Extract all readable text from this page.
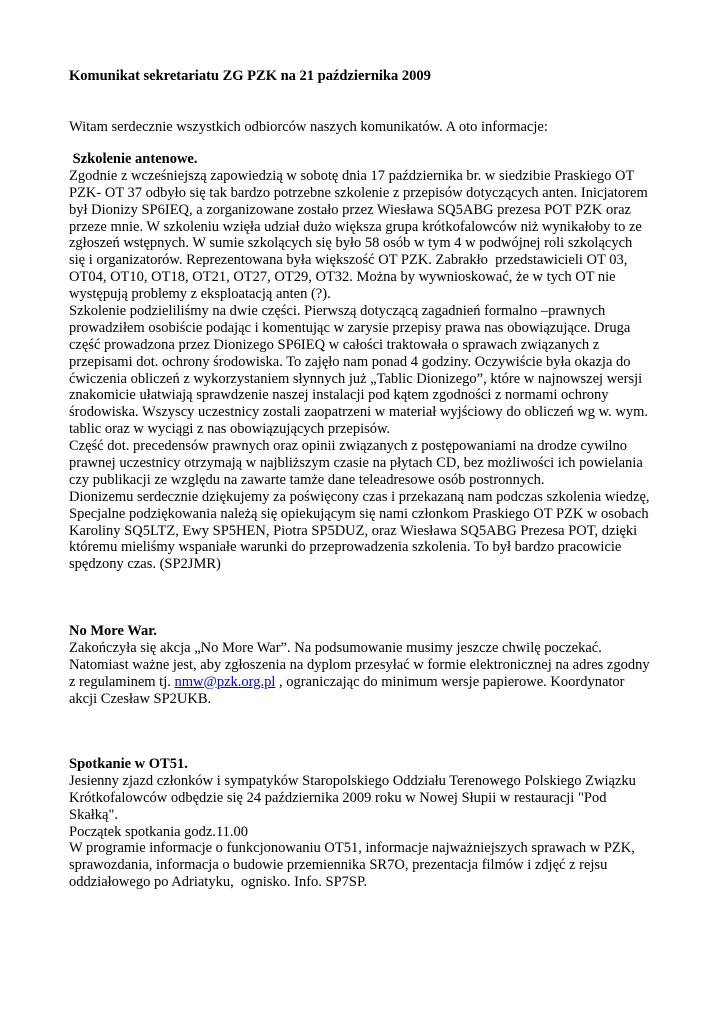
Komunikat sekretariatu ZG PZK na 21 października 2009
Witam serdecznie wszystkich odbiorców naszych komunikatów. A oto informacje:
Szkolenie antenowe.
Zgodnie z wcześniejszą zapowiedzią w sobotę dnia 17 października br. w siedzibie Praskiego OT
PZK- OT 37 odbyło się tak bardzo potrzebne szkolenie z przepisów dotyczących anten. Inicjatorem
był Dionizy SP6IEQ, a zorganizowane zostało przez Wiesława SQ5ABG prezesa POT PZK oraz
przeze mnie. W szkoleniu wzięła udział dużo większa grupa krótkofalowców niż wynikałoby to ze
zgłoszeń wstępnych. W sumie szkolących się było 58 osób w tym 4 w podwójnej roli szkolących
się i organizatorów. Reprezentowana była większość OT PZK. Zabrakło  przedstawicieli OT 03,
OT04, OT10, OT18, OT21, OT27, OT29, OT32. Można by wywnioskować, że w tych OT nie
występują problemy z eksploatacją anten (?).
Szkolenie podzieliliśmy na dwie części. Pierwszą dotyczącą zagadnień formalno –prawnych
prowadziłem osobiście podając i komentując w zarysie przepisy prawa nas obowiązujące. Druga
część prowadzona przez Dionizego SP6IEQ w całości traktowała o sprawach związanych z
przepisami dot. ochrony środowiska. To zajęło nam ponad 4 godziny. Oczywiście była okazja do
ćwiczenia obliczeń z wykorzystaniem słynnych już „Tablic Dionizego”, które w najnowszej wersji
znakomicie ułatwiają sprawdzenie naszej instalacji pod kątem zgodności z normami ochrony
środowiska. Wszyscy uczestnicy zostali zaopatrzeni w materiał wyjściowy do obliczeń wg w. wym.
tablic oraz w wyciągi z nas obowiązujących przepisów.
Część dot. precedensów prawnych oraz opinii związanych z postępowaniami na drodze cywilno
prawnej uczestnicy otrzymają w najbliższym czasie na płytach CD, bez możliwości ich powielania
czy publikacji ze względu na zawarte tamże dane teleadresowe osób postronnych.
Dionizemu serdecznie dziękujemy za poświęcony czas i przekazaną nam podczas szkolenia wiedzę,
Specjalne podziękowania należą się opiekującym się nami członkom Praskiego OT PZK w osobach
Karoliny SQ5LTZ, Ewy SP5HEN, Piotra SP5DUZ, oraz Wiesława SQ5ABG Prezesa POT, dzięki
któremu mieliśmy wspaniałe warunki do przeprowadzenia szkolenia. To był bardzo pracowicie
spędzony czas. (SP2JMR)
No More War.
Zakończyła się akcja „No More War”. Na podsumowanie musimy jeszcze chwilę poczekać.
Natomiast ważne jest, aby zgłoszenia na dyplom przesyłać w formie elektronicznej na adres zgodny
z regulaminem tj. nmw@pzk.org.pl , ograniczając do minimum wersje papierowe. Koordynator
akcji Czesław SP2UKB.
Spotkanie w OT51.
Jesienny zjazd członków i sympatyków Staropolskiego Oddziału Terenowego Polskiego Związku
Krótkofalowców odbędzie się 24 października 2009 roku w Nowej Słupii w restauracji "Pod
Skałką".
Początek spotkania godz.11.00
W programie informacje o funkcjonowaniu OT51, informacje najważniejszych sprawach w PZK,
sprawozdania, informacja o budowie przemiennika SR7O, prezentacja filmów i zdjęć z rejsu
oddziałowego po Adriatyku,  ognisko. Info. SP7SP.
